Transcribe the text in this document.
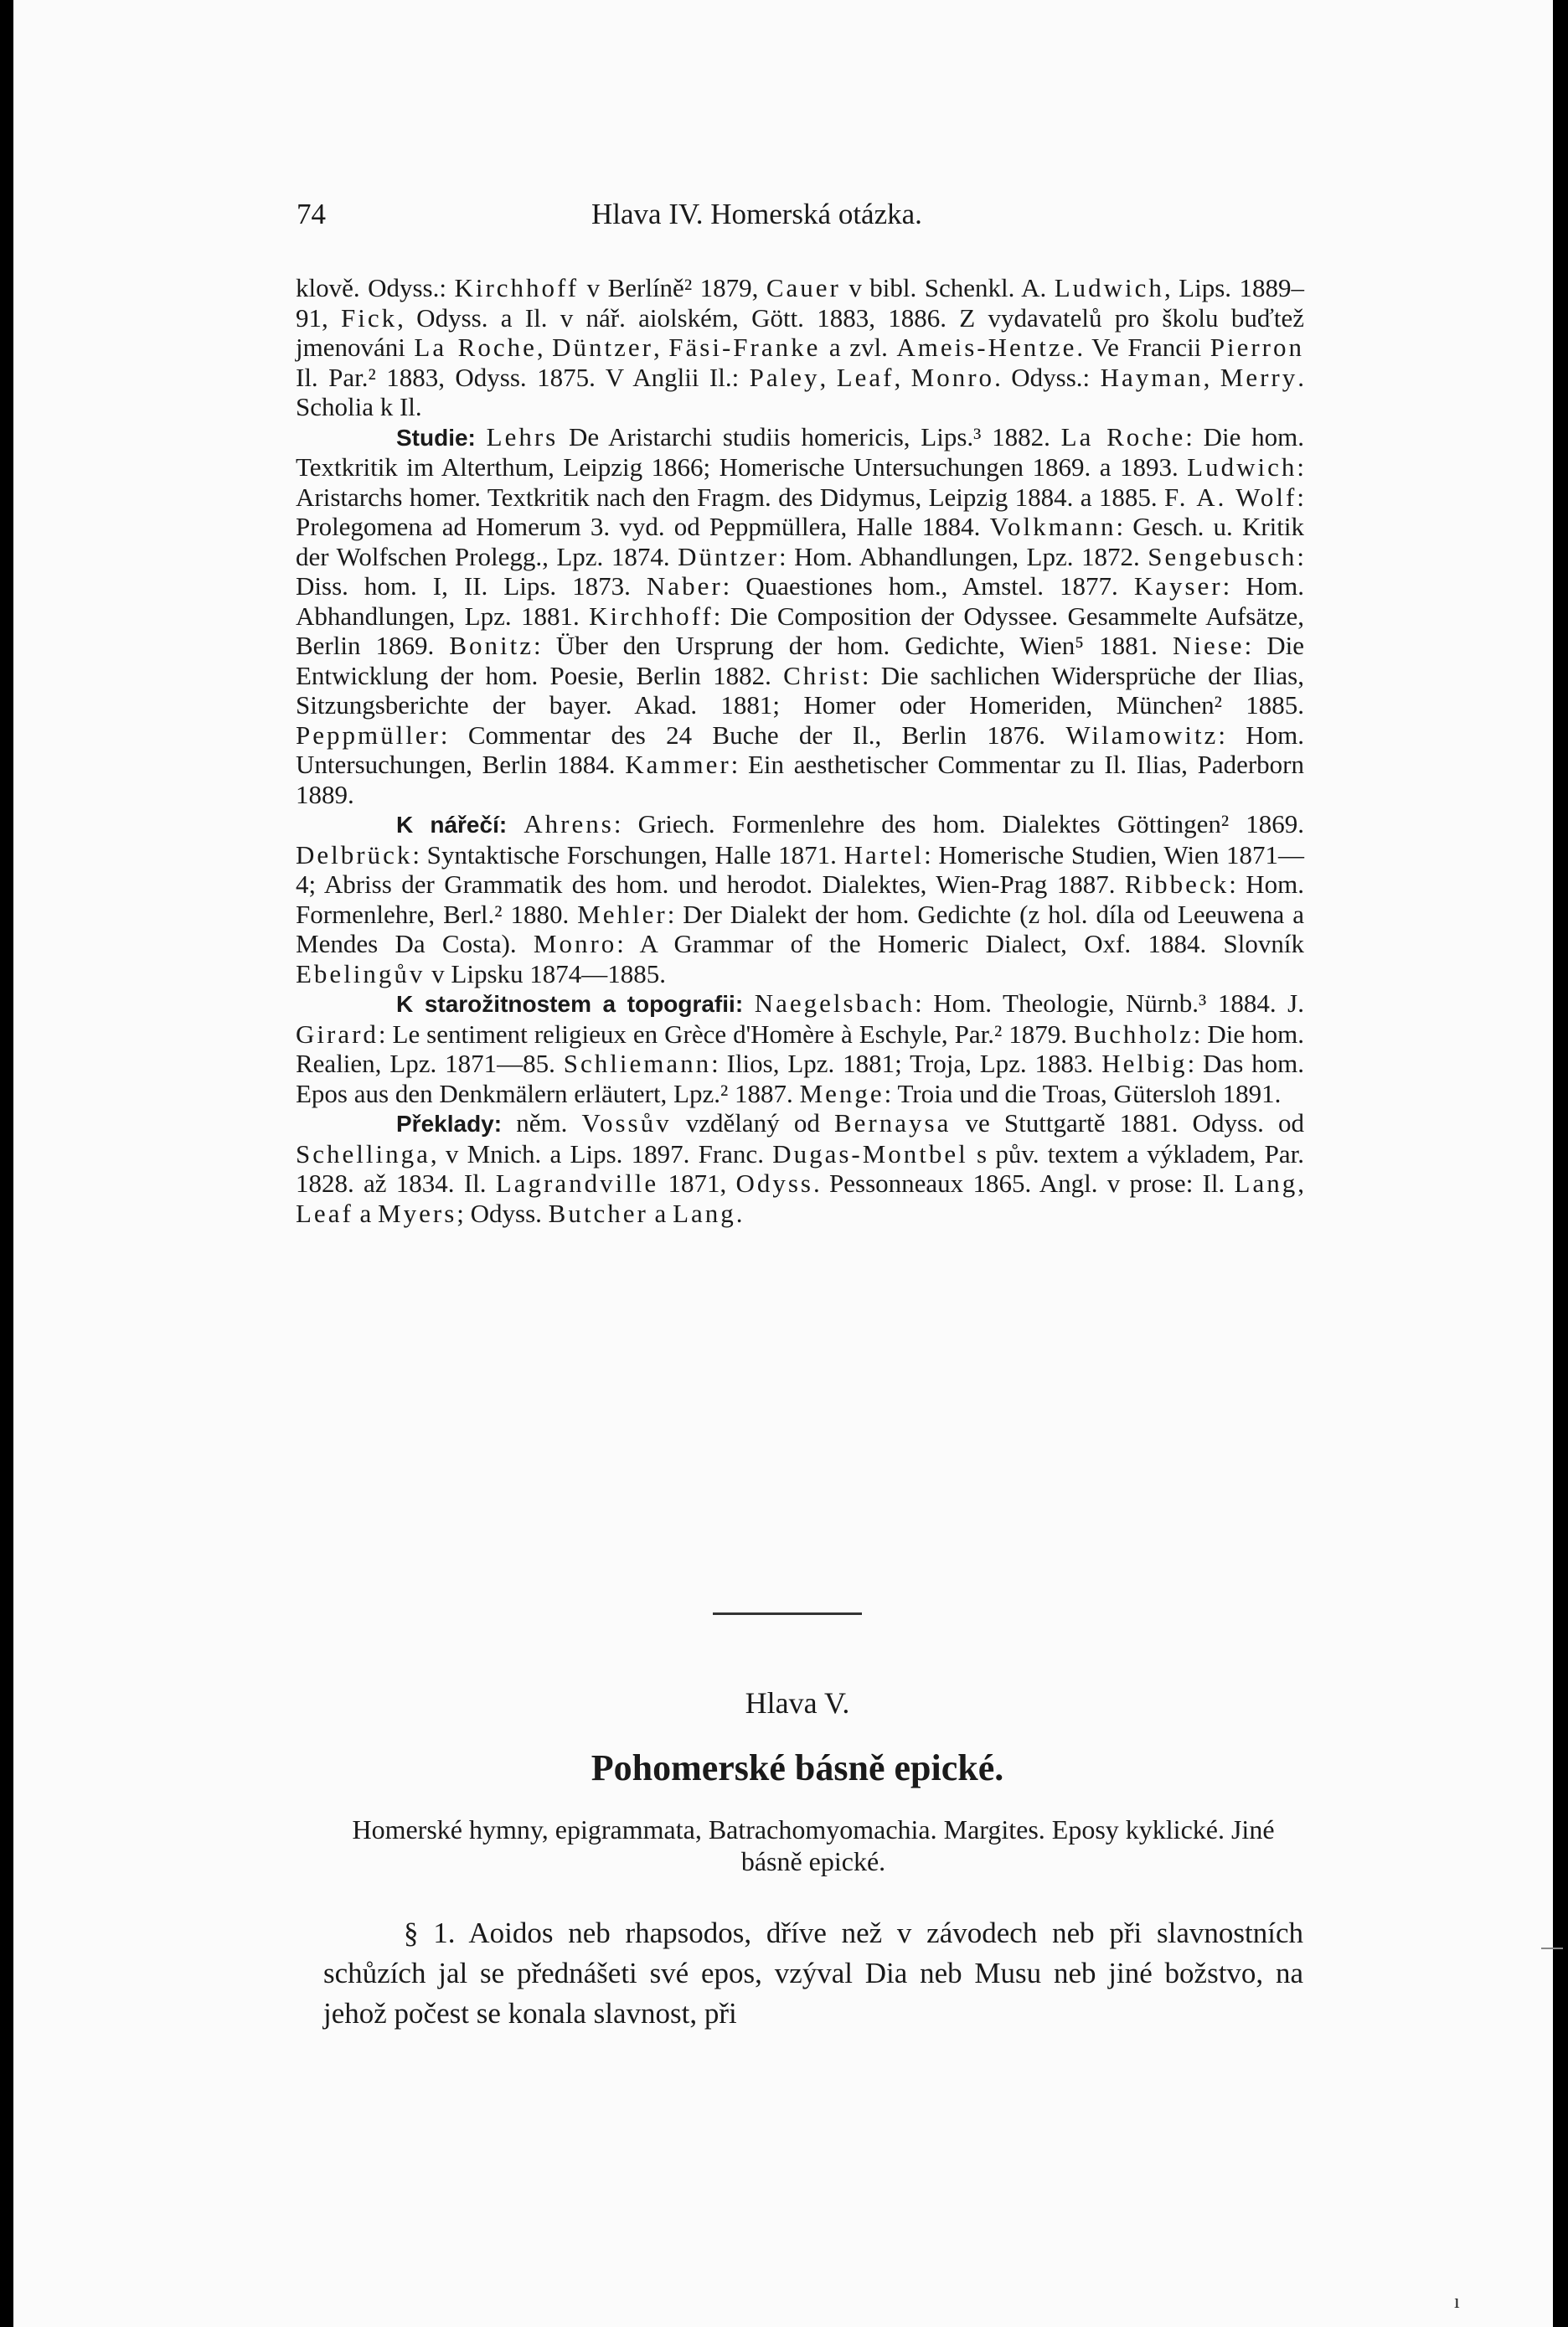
74	Hlava IV. Homerská otázka.

klově. Odyss.: Kirchhoff v Berlíně² 1879, Cauer v bibl. Schenkl. A. Ludwich, Lips. 1889–91, Fick, Odyss. a Il. v nář. aiolském, Gött. 1883, 1886. Z vydavatelů pro školu buďtež jmenováni La Roche, Düntzer, Fäsi-Franke a zvl. Ameis-Hentze. Ve Francii Pierron Il. Par.² 1883, Odyss. 1875. V Anglii Il.: Paley, Leaf, Monro. Odyss.: Hayman, Merry. Scholia k Il.

Studie: Lehrs De Aristarchi studiis homericis, Lips.³ 1882. La Roche: Die hom. Textkritik im Alterthum, Leipzig 1866; Homerische Untersuchungen 1869. a 1893. Ludwich: Aristarchs homer. Textkritik nach den Fragm. des Didymus, Leipzig 1884. a 1885. F. A. Wolf: Prolegomena ad Homerum 3. vyd. od Peppmüllera, Halle 1884. Volkmann: Gesch. u. Kritik der Wolfschen Prolegg., Lpz. 1874. Düntzer: Hom. Abhandlungen, Lpz. 1872. Sengebusch: Diss. hom. I, II. Lips. 1873. Naber: Quaestiones hom., Amstel. 1877. Kayser: Hom. Abhandlungen, Lpz. 1881. Kirchhoff: Die Composition der Odyssee. Gesammelte Aufsätze, Berlin 1869. Bonitz: Über den Ursprung der hom. Gedichte, Wien⁵ 1881. Niese: Die Entwicklung der hom. Poesie, Berlin 1882. Christ: Die sachlichen Widersprüche der Ilias, Sitzungsberichte der bayer. Akad. 1881; Homer oder Homeriden, München² 1885. Peppmüller: Commentar des 24 Buche der Il., Berlin 1876. Wilamowitz: Hom. Untersuchungen, Berlin 1884. Kammer: Ein aesthetischer Commentar zu Il. Ilias, Paderborn 1889.

K nářečí: Ahrens: Griech. Formenlehre des hom. Dialektes Göttingen² 1869. Delbrück: Syntaktische Forschungen, Halle 1871. Hartel: Homerische Studien, Wien 1871—4; Abriss der Grammatik des hom. und herodot. Dialektes, Wien-Prag 1887. Ribbeck: Hom. Formenlehre, Berl.² 1880. Mehler: Der Dialekt der hom. Gedichte (z hol. díla od Leeuwena a Mendes Da Costa). Monro: A Grammar of the Homeric Dialect, Oxf. 1884. Slovník Ebelingův v Lipsku 1874—1885.

K starožitnostem a topografii: Naegelsbach: Hom. Theologie, Nürnb.³ 1884. J. Girard: Le sentiment religieux en Grèce d'Homère à Eschyle, Par.² 1879. Buchholz: Die hom. Realien, Lpz. 1871—85. Schliemann: Ilios, Lpz. 1881; Troja, Lpz. 1883. Helbig: Das hom. Epos aus den Denkmälern erläutert, Lpz.² 1887. Menge: Troia und die Troas, Gütersloh 1891.

Překlady: něm. Vossův vzdělaný od Bernaysa ve Stuttgartě 1881. Odyss. od Schellinga, v Mnich. a Lips. 1897. Franc. Dugas-Montbel s pův. textem a výkladem, Par. 1828. až 1834. Il. Lagrandville 1871, Odyss. Pessonneaux 1865. Angl. v prose: Il. Lang, Leaf a Myers; Odyss. Butcher a Lang.

Hlava V.
Pohomerské básně epické.
Homerské hymny, epigrammata, Batrachomyomachia. Margites. Eposy kyklické. Jiné básně epické.

§ 1. Aoidos neb rhapsodos, dříve než v závodech neb při slavnostních schůzích jal se přednášeti své epos, vzýval Dia neb Musu neb jiné božstvo, na jehož počest se konala slavnost, při

ı
